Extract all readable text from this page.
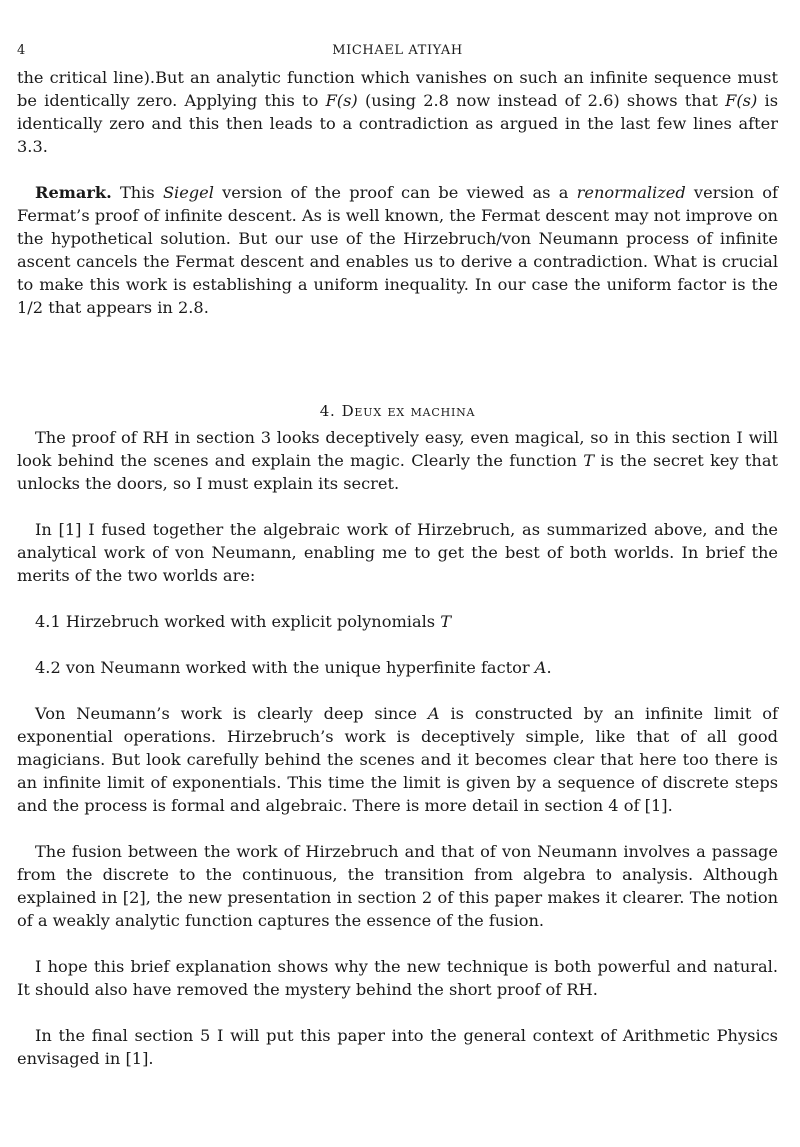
4	MICHAEL ATIYAH

the critical line).But an analytic function which vanishes on such an infinite sequence must be identically zero. Applying this to F(s) (using 2.8 now instead of 2.6) shows that F(s) is identically zero and this then leads to a contradiction as argued in the last few lines after 3.3.

Remark. This Siegel version of the proof can be viewed as a renormalized version of Fermat’s proof of infinite descent. As is well known, the Fermat descent may not improve on the hypothetical solution. But our use of the Hirzebruch/von Neumann process of infinite ascent cancels the Fermat descent and enables us to derive a contradiction. What is crucial to make this work is establishing a uniform inequality. In our case the uniform factor is the 1/2 that appears in 2.8.

4. Deux ex machina

The proof of RH in section 3 looks deceptively easy, even magical, so in this section I will look behind the scenes and explain the magic. Clearly the function T is the secret key that unlocks the doors, so I must explain its secret.

In [1] I fused together the algebraic work of Hirzebruch, as summarized above, and the analytical work of von Neumann, enabling me to get the best of both worlds. In brief the merits of the two worlds are:

4.1 Hirzebruch worked with explicit polynomials T

4.2 von Neumann worked with the unique hyperfinite factor A.

Von Neumann’s work is clearly deep since A is constructed by an infinite limit of exponential operations. Hirzebruch’s work is deceptively simple, like that of all good magicians. But look carefully behind the scenes and it becomes clear that here too there is an infinite limit of exponentials. This time the limit is given by a sequence of discrete steps and the process is formal and algebraic. There is more detail in section 4 of [1].

The fusion between the work of Hirzebruch and that of von Neumann involves a passage from the discrete to the continuous, the transition from algebra to analysis. Although explained in [2], the new presentation in section 2 of this paper makes it clearer. The notion of a weakly analytic function captures the essence of the fusion.

I hope this brief explanation shows why the new technique is both powerful and natural. It should also have removed the mystery behind the short proof of RH.

In the final section 5 I will put this paper into the general context of Arithmetic Physics envisaged in [1].
